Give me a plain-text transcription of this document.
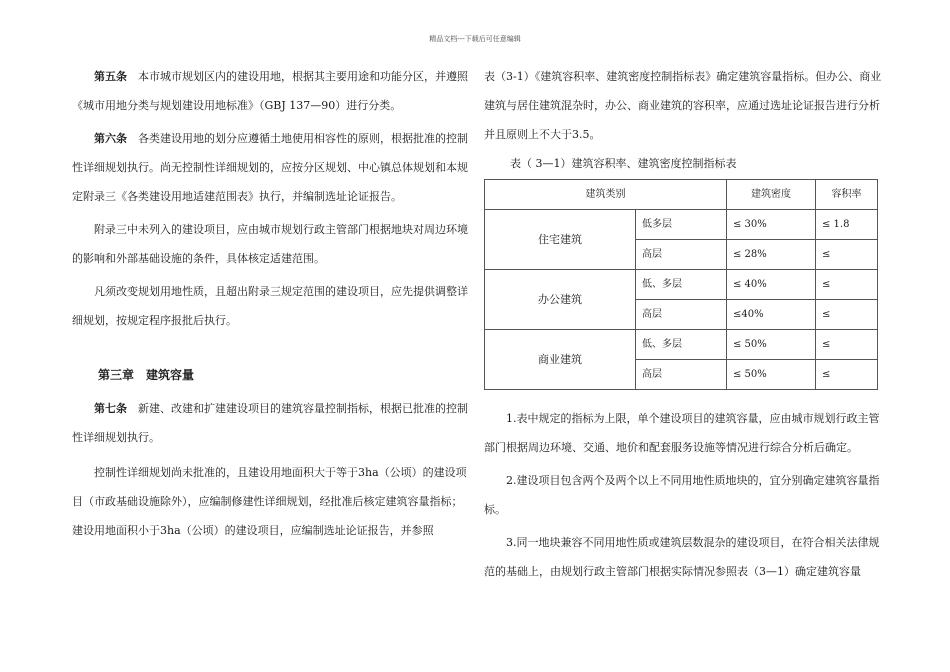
精品文档---下载后可任意编辑

第五条　 本市城市规划区内的建设用地，根据其主要用途和功能分区，并遵照《城市用地分类与规划建设用地标准》（GBJ 137—90）进行分类。

第六条　 各类建设用地的划分应遵循土地使用相容性的原则，根据批准的控制性详细规划执行。尚无控制性详细规划的，应按分区规划、中心镇总体规划和本规定附录三《各类建设用地适建范围表》执行，并编制选址论证报告。

附录三中未列入的建设项目，应由城市规划行政主管部门根据地块对周边环境的影响和外部基础设施的条件，具体核定适建范围。

凡须改变规划用地性质，且超出附录三规定范围的建设项目，应先提供调整详细规划，按规定程序报批后执行。

第三章　建筑容量

第七条　 新建、改建和扩建建设项目的建筑容量控制指标，根据已批准的控制性详细规划执行。

控制性详细规划尚未批准的，且建设用地面积大于等于3ha（公顷）的建设项目（市政基础设施除外），应编制修建性详细规划，经批准后核定建筑容量指标；建设用地面积小于3ha（公顷）的建设项目，应编制选址论证报告，并参照

表（3-1）《建筑容积率、建筑密度控制指标表》确定建筑容量指标。但办公、商业建筑与居住建筑混杂时，办公、商业建筑的容积率，应通过选址论证报告进行分析并且原则上不大于3.5。

表（ 3—1）建筑容积率、建筑密度控制指标表

建筑类别		建筑密度	容积率
住宅建筑	低多层	≤ 30%	≤ 1.8
	高层	≤ 28%	≤
办公建筑	低、多层	≤ 40%	≤
	高层	≤40%	≤
商业建筑	低、多层	≤ 50%	≤
	高层	≤ 50%	≤

1.表中规定的指标为上限，单个建设项目的建筑容量，应由城市规划行政主管部门根据周边环境、交通、地价和配套服务设施等情况进行综合分析后确定。

2.建设项目包含两个及两个以上不同用地性质地块的，宜分别确定建筑容量指标。

3.同一地块兼容不同用地性质或建筑层数混杂的建设项目，在符合相关法律规范的基础上，由规划行政主管部门根据实际情况参照表（3—1）确定建筑容量
